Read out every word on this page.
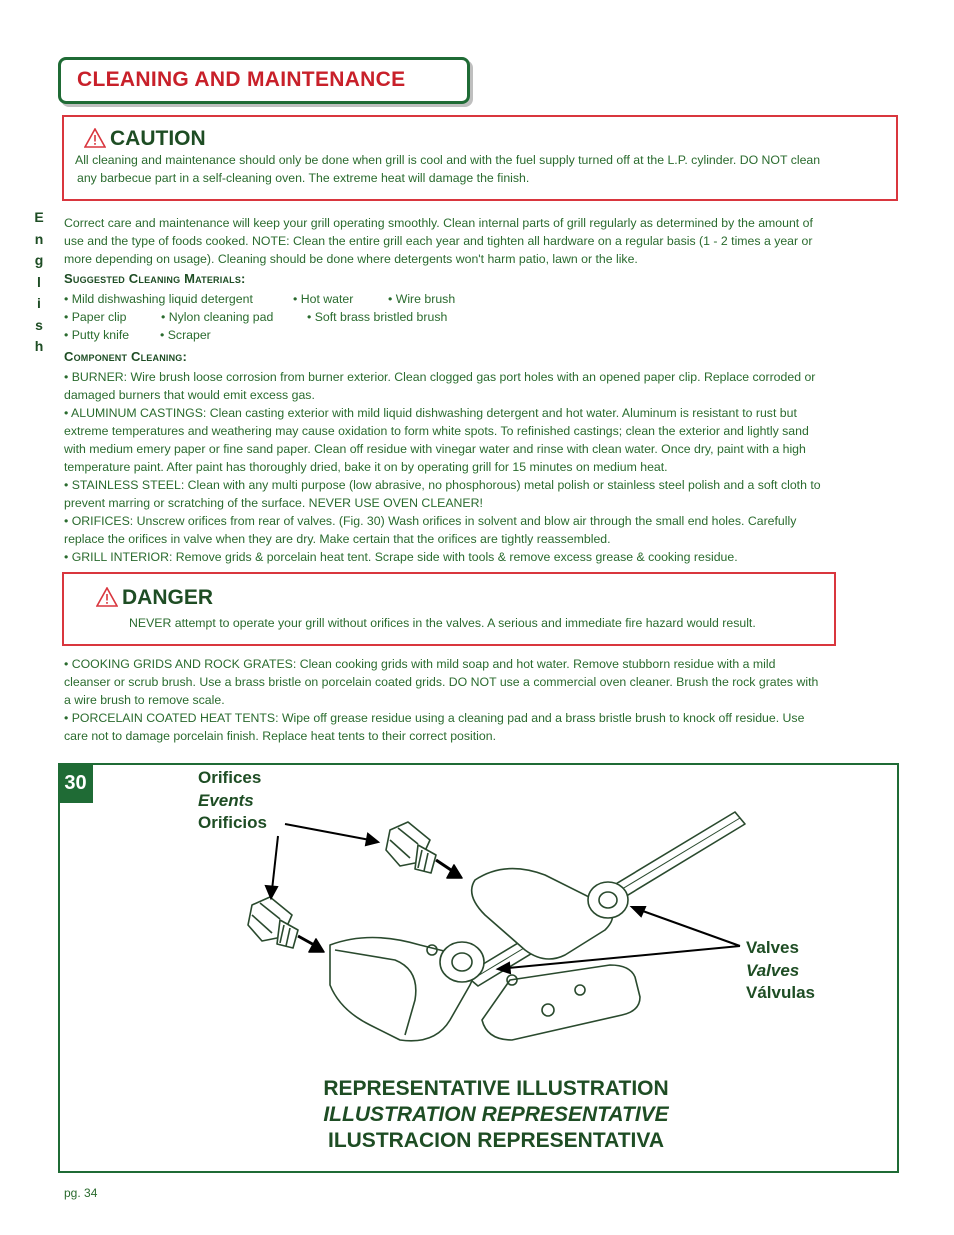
CLEANING AND MAINTENANCE
CAUTION
All cleaning and maintenance should only be done when grill is cool and with the fuel supply turned off at the L.P. cylinder. DO NOT clean
any barbecue part in a self-cleaning oven. The extreme heat will damage the finish.
E
n
g
l
i
s
h

Correct care and maintenance will keep your grill operating smoothly. Clean internal parts of grill regularly as determined by the amount of

use and the type of foods cooked. NOTE: Clean the entire grill each year and tighten all hardware on a regular basis (1 - 2 times a year or

more depending on usage). Cleaning should be done where detergents won't harm patio, lawn or the like.

Suggested Cleaning Materials:
• Mild dishwashing liquid detergent	• Hot water	• Wire brush
• Paper clip	• Nylon cleaning pad	• Soft brass bristled brush
• Putty knife	• Scraper
Component Cleaning:

• BURNER: Wire brush loose corrosion from burner exterior. Clean clogged gas port holes with an opened paper clip. Replace corroded or

damaged burners that would emit excess gas.

• ALUMINUM CASTINGS: Clean casting exterior with mild liquid dishwashing detergent and hot water. Aluminum is resistant to rust but

extreme temperatures and weathering may cause oxidation to form white spots. To refinished castings; clean the exterior and lightly sand

with medium emery paper or fine sand paper. Clean off residue with vinegar water and rinse with clean water. Once dry, paint with a high

temperature paint. After paint has thoroughly dried, bake it on by operating grill for 15 minutes on medium heat.

• STAINLESS STEEL: Clean with any multi purpose (low abrasive, no phosphorous) metal polish or stainless steel polish and a soft cloth to

prevent marring or scratching of the surface. NEVER USE OVEN CLEANER!

• ORIFICES: Unscrew orifices from rear of valves. (Fig. 30) Wash orifices in solvent and blow air through the small end holes. Carefully

replace the orifices in valve when they are dry. Make certain that the orifices are tightly reassembled.

• GRILL INTERIOR: Remove grids & porcelain heat tent. Scrape side with tools & remove excess grease & cooking residue.

DANGER
NEVER attempt to operate your grill without orifices in the valves. A serious and immediate fire hazard would result.

• COOKING GRIDS AND ROCK GRATES: Clean cooking grids with mild soap and hot water. Remove stubborn residue with a mild

cleanser or scrub brush. Use a brass bristle on porcelain coated grids. DO NOT use a commercial oven cleaner. Brush the rock grates with

a wire brush to remove scale.

• PORCELAIN COATED HEAT TENTS: Wipe off grease residue using a cleaning pad and a brass bristle brush to knock off residue. Use

care not to damage porcelain finish. Replace heat tents to their correct position.

30	Orifices
Events
Orificios
Valves
Valves
Válvulas
REPRESENTATIVE ILLUSTRATION
ILLUSTRATION REPRESENTATIVE
ILUSTRACION REPRESENTATIVA
pg. 34
